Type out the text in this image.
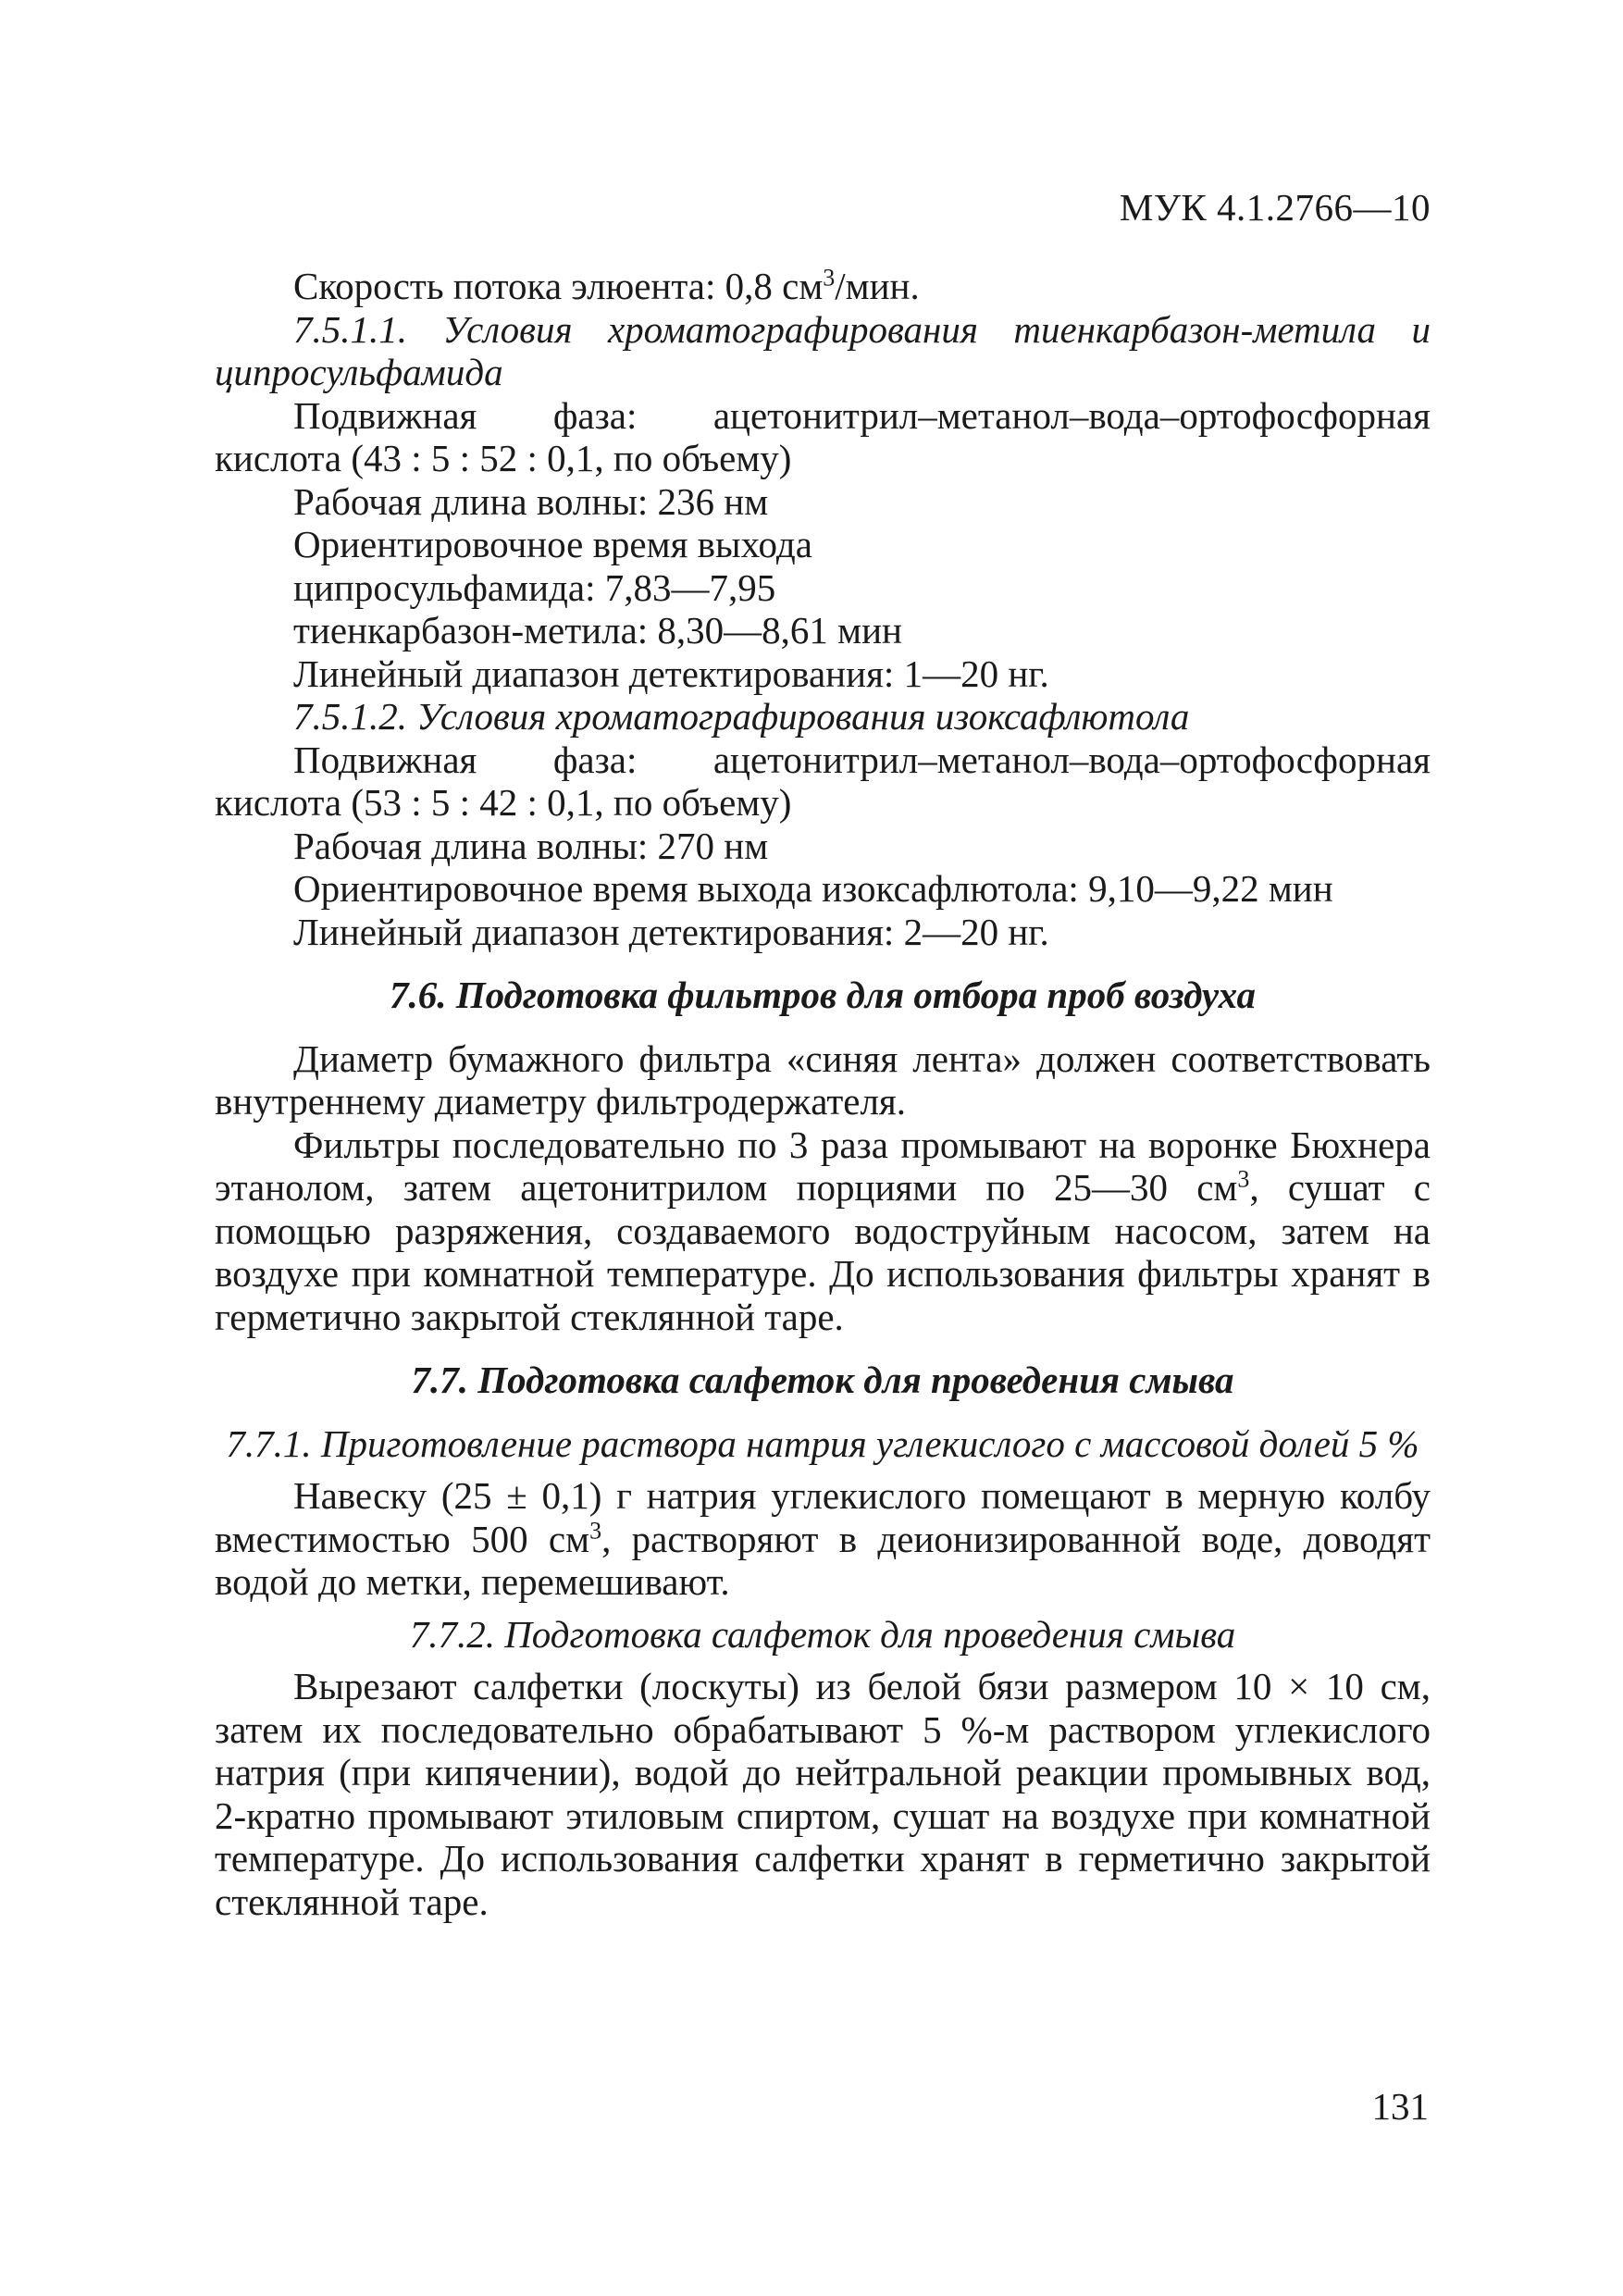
МУК 4.1.2766—10

Скорость потока элюента: 0,8 $см^3$/мин.

7.5.1.1. Условия хроматографирования тиенкарбазон-метила и ципросульфамида

Подвижная фаза: ацетонитрил–метанол–вода–ортофосфорная кислота (43 : 5 : 52 : 0,1, по объему)

Рабочая длина волны: 236 нм

Ориентировочное время выхода

ципросульфамида: 7,83—7,95

тиенкарбазон-метила: 8,30—8,61 мин

Линейный диапазон детектирования: 1—20 нг.

7.5.1.2. Условия хроматографирования изоксафлютола

Подвижная фаза: ацетонитрил–метанол–вода–ортофосфорная кислота (53 : 5 : 42 : 0,1, по объему)

Рабочая длина волны: 270 нм

Ориентировочное время выхода изоксафлютола: 9,10—9,22 мин

Линейный диапазон детектирования: 2—20 нг.

7.6. Подготовка фильтров для отбора проб воздуха

Диаметр бумажного фильтра «синяя лента» должен соответствовать внутреннему диаметру фильтродержателя.

Фильтры последовательно по 3 раза промывают на воронке Бюхнера этанолом, затем ацетонитрилом порциями по 25—30 $см^3$, сушат с помощью разряжения, создаваемого водоструйным насосом, затем на воздухе при комнатной температуре. До использования фильтры хранят в герметично закрытой стеклянной таре.

7.7. Подготовка салфеток для проведения смыва

7.7.1. Приготовление раствора натрия углекислого с массовой долей 5 %

Навеску (25 ± 0,1) г натрия углекислого помещают в мерную колбу вместимостью 500 $см^3$, растворяют в деионизированной воде, доводят водой до метки, перемешивают.

7.7.2. Подготовка салфеток для проведения смыва

Вырезают салфетки (лоскуты) из белой бязи размером 10 × 10 см, затем их последовательно обрабатывают 5 %-м раствором углекислого натрия (при кипячении), водой до нейтральной реакции промывных вод, 2-кратно промывают этиловым спиртом, сушат на воздухе при комнатной температуре. До использования салфетки хранят в герметично закрытой стеклянной таре.

131
